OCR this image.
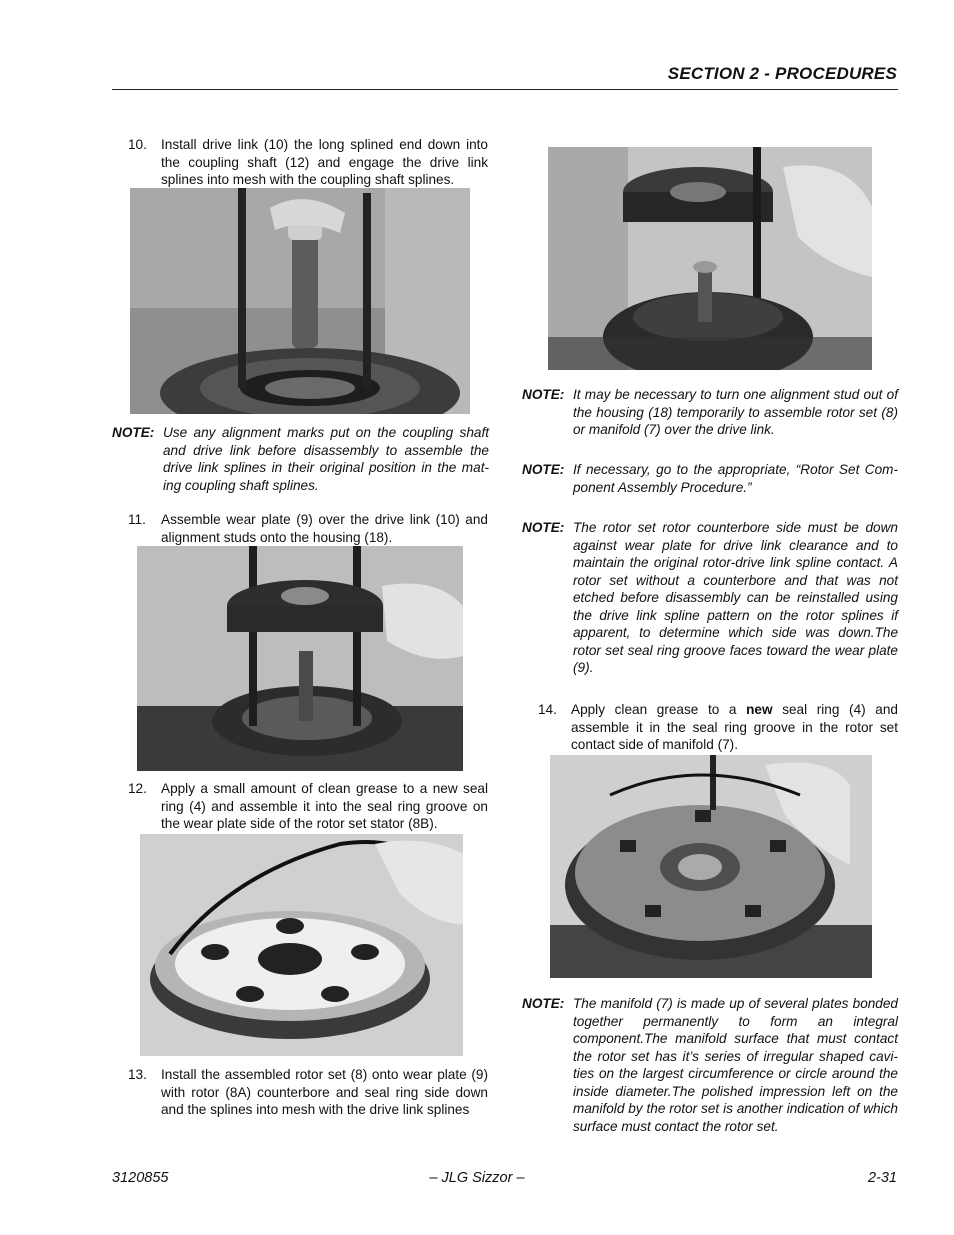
SECTION 2 - PROCEDURES
10. Install drive link (10) the long splined end down into the coupling shaft (12) and engage the drive link splines into mesh with the coupling shaft splines.
NOTE: Use any alignment marks put on the coupling shaft and drive link before disassembly to assemble the drive link splines in their original position in the mat- ing coupling shaft splines.
11. Assemble wear plate (9) over the drive link (10) and alignment studs onto the housing (18).
12. Apply a small amount of clean grease to a new seal ring (4) and assemble it into the seal ring groove on the wear plate side of the rotor set stator (8B).
13. Install the assembled rotor set (8) onto wear plate (9) with rotor (8A) counterbore and seal ring side down and the splines into mesh with the drive link splines
NOTE: It may be necessary to turn one alignment stud out of the housing (18) temporarily to assemble rotor set (8) or manifold (7) over the drive link.
NOTE: If necessary, go to the appropriate, “Rotor Set Com- ponent Assembly Procedure.”
NOTE: The rotor set rotor counterbore side must be down against wear plate for drive link clearance and to maintain the original rotor-drive link spline contact. A rotor set without a counterbore and that was not etched before disassembly can be reinstalled using the drive link spline pattern on the rotor splines if apparent, to determine which side was down.The rotor set seal ring groove faces toward the wear plate (9).
14. Apply clean grease to a new seal ring (4) and assemble it in the seal ring groove in the rotor set contact side of manifold (7).
NOTE: The manifold (7) is made up of several plates bonded together permanently to form an integral component.The manifold surface that must contact the rotor set has it’s series of irregular shaped cavi- ties on the largest circumference or circle around the inside diameter.The polished impression left on the manifold by the rotor set is another indication of which surface must contact the rotor set.
3120855	– JLG Sizzor –	2-31
